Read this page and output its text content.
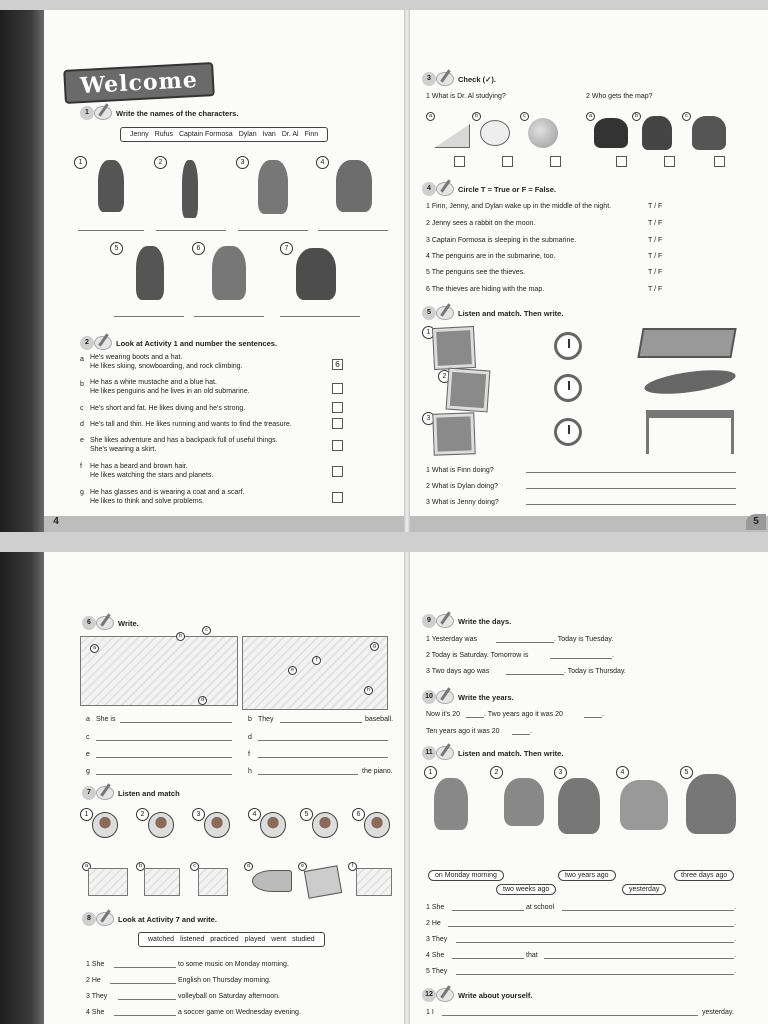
Welcome
1	Write the names of the characters.
Jenny Rufus Captain Formosa Dylan Ivan Dr. Al Finn
1	2	3	4
5	6	7
2	Look at Activity 1 and number the sentences.
a He's wearing boots and a hat.
He likes skiing, snowboarding, and rock climbing.	6
b He has a white mustache and a blue hat.
He likes penguins and he lives in an old submarine.
c He's short and fat. He likes diving and he's strong.
d He's tall and thin. He likes running and wants to find the treasure.
e She likes adventure and has a backpack full of useful things.
She's wearing a skirt.
f He has a beard and brown hair.
He likes watching the stars and planets.
g He has glasses and is wearing a coat and a scarf.
He likes to think and solve problems.
4
3	Check (✓).
1 What is Dr. Al studying?	2 Who gets the map?
a	b	c	a	b	c
4	Circle T = True or F = False.
1 Finn, Jenny, and Dylan wake up in the middle of the night.	T / F
2 Jenny sees a rabbit on the moon.	T / F
3 Captain Formosa is sleeping in the submarine.	T / F
4 The penguins are in the submarine, too.	T / F
5 The penguins see the thieves.	T / F
6 The thieves are hiding with the map.	T / F
5	Listen and match. Then write.
1
2
3
1 What is Finn doing?
2 What is Dylan doing?
3 What is Jenny doing?
5
6	Write.
a
b
c
d
e
f
g
h
a She is	b They	baseball.
c	d
e	f
g	h	the piano.
7	Listen and match
1	2	3	4	5	6
a	b	c	d	e	f
8	Look at Activity 7 and write.
watched listened practiced played went studied
1 She	to some music on Monday morning.
2 He	English on Thursday morning.
3 They	volleyball on Saturday afternoon.
4 She	a soccer game on Wednesday evening.
9	Write the days.
1 Yesterday was	. Today is Tuesday.
2 Today is Saturday. Tomorrow is	.
3 Two days ago was	. Today is Thursday.
10	Write the years.
Now it's 20	. Two years ago it was 20	.
Ten years ago it was 20	.
11	Listen and match. Then write.
1	2	3	4	5
on Monday morning	two years ago	three days ago
two weeks ago	yesterday
1 She	at school	.
2 He	.
3 They	.
4 She	that	.
5 They	.
12	Write about yourself.
1 I	yesterday.
